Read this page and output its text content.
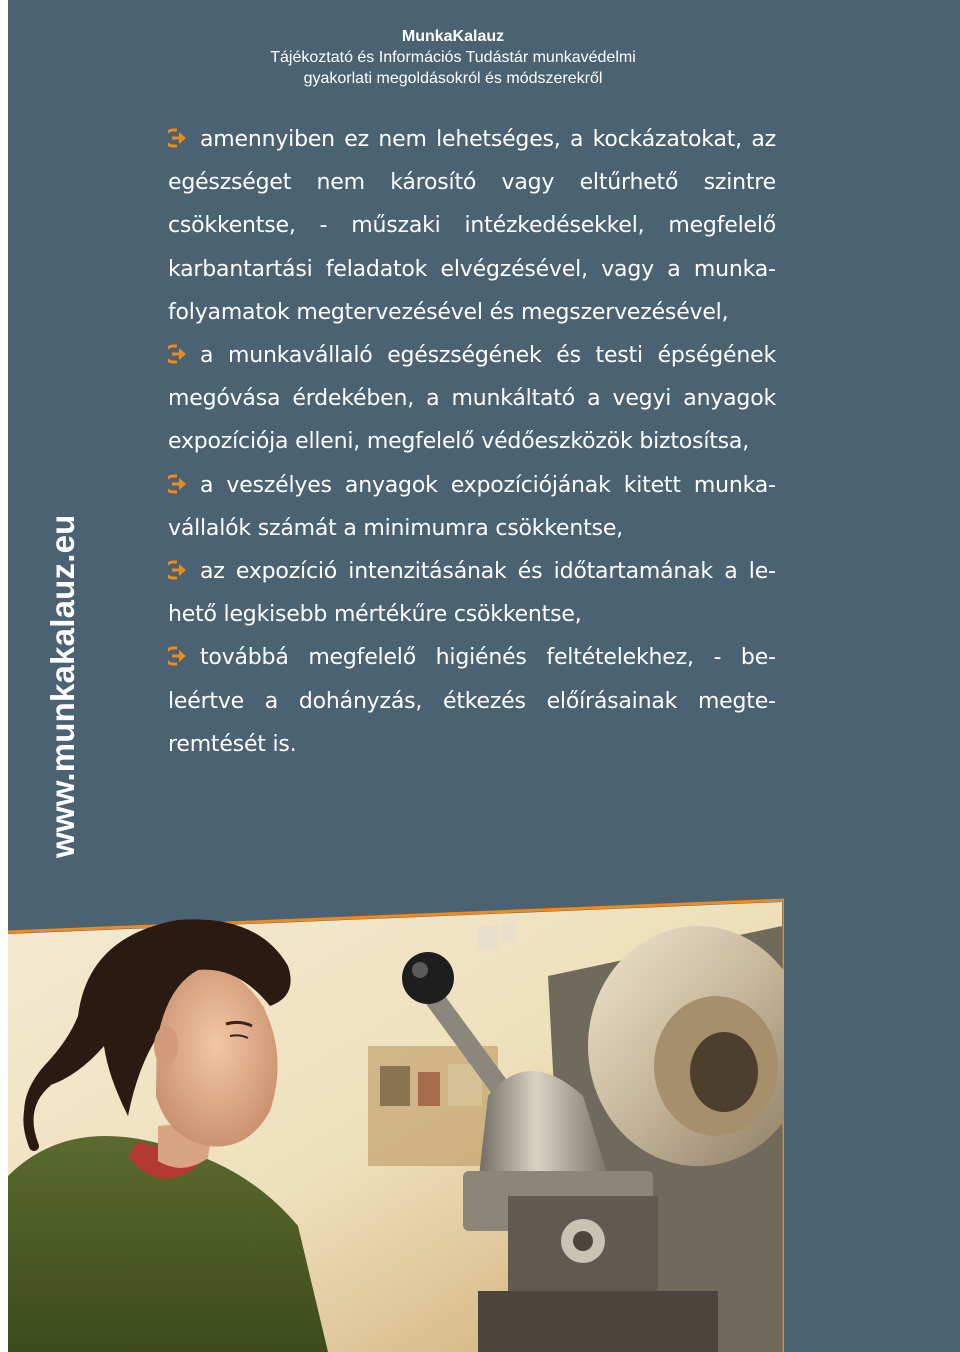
MunkaKalauz
Tájékoztató és Információs Tudástár munkavédelmi
gyakorlati megoldásokról és módszerekről
www.munkakalauz.eu

amennyiben ez nem lehetséges, a kockázatokat, az egészséget nem károsító vagy eltűrhető szintre csökkentse, - műszaki intézkedésekkel, megfelelő karbantartási feladatok elvégzésével, vagy a munkafolyamatok megtervezésével és megszervezésével,

a munkavállaló egészségének és testi épségének megóvása érdekében, a munkáltató a vegyi anyagok expozíciója elleni, megfelelő védőeszközök biztosítsa,

a veszélyes anyagok expozíciójának kitett munkavállalók számát a minimumra csökkentse,

az expozíció intenzitásának és időtartamának a lehető legkisebb mértékűre csökkentse,

továbbá megfelelő higiénés feltételekhez, - beleértve a dohányzás, étkezés előírásainak megteremtését is.
